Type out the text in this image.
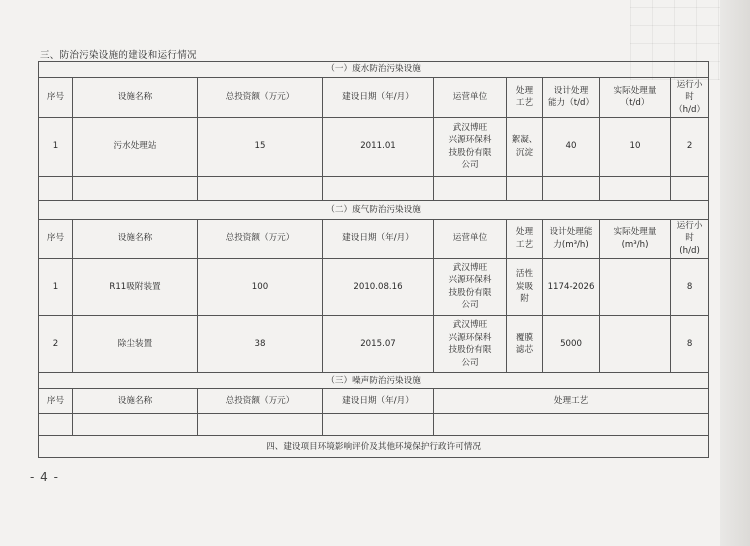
三、防治污染设施的建设和运行情况
（一）废水防治污染设施								
序号	设施名称	总投资额（万元）	建设日期（年/月）	运营单位	处理
工艺	设计处理
能力（t/d）	实际处理量
（t/d）	运行小时
（h/d）
1	污水处理站	15	2011.01	武汉博旺
兴源环保科
技股份有限
公司	絮凝、
沉淀	40	10	2

（二）废气防治污染设施								
序号	设施名称	总投资额（万元）	建设日期（年/月）	运营单位	处理
工艺	设计处理能
力(m³/h)	实际处理量
(m³/h)	运行小时
(h/d)
1	R11吸附装置	100	2010.08.16	武汉博旺
兴源环保科
技股份有限
公司	活性
炭吸
附	1174-2026		8
2	除尘装置	38	2015.07	武汉博旺
兴源环保科
技股份有限
公司	覆膜
滤芯	5000		8
（三）噪声防治污染设施								
序号	设施名称	总投资额（万元）	建设日期（年/月）	处理工艺				

四、建设项目环境影响评价及其他环境保护行政许可情况								
- 4 -
